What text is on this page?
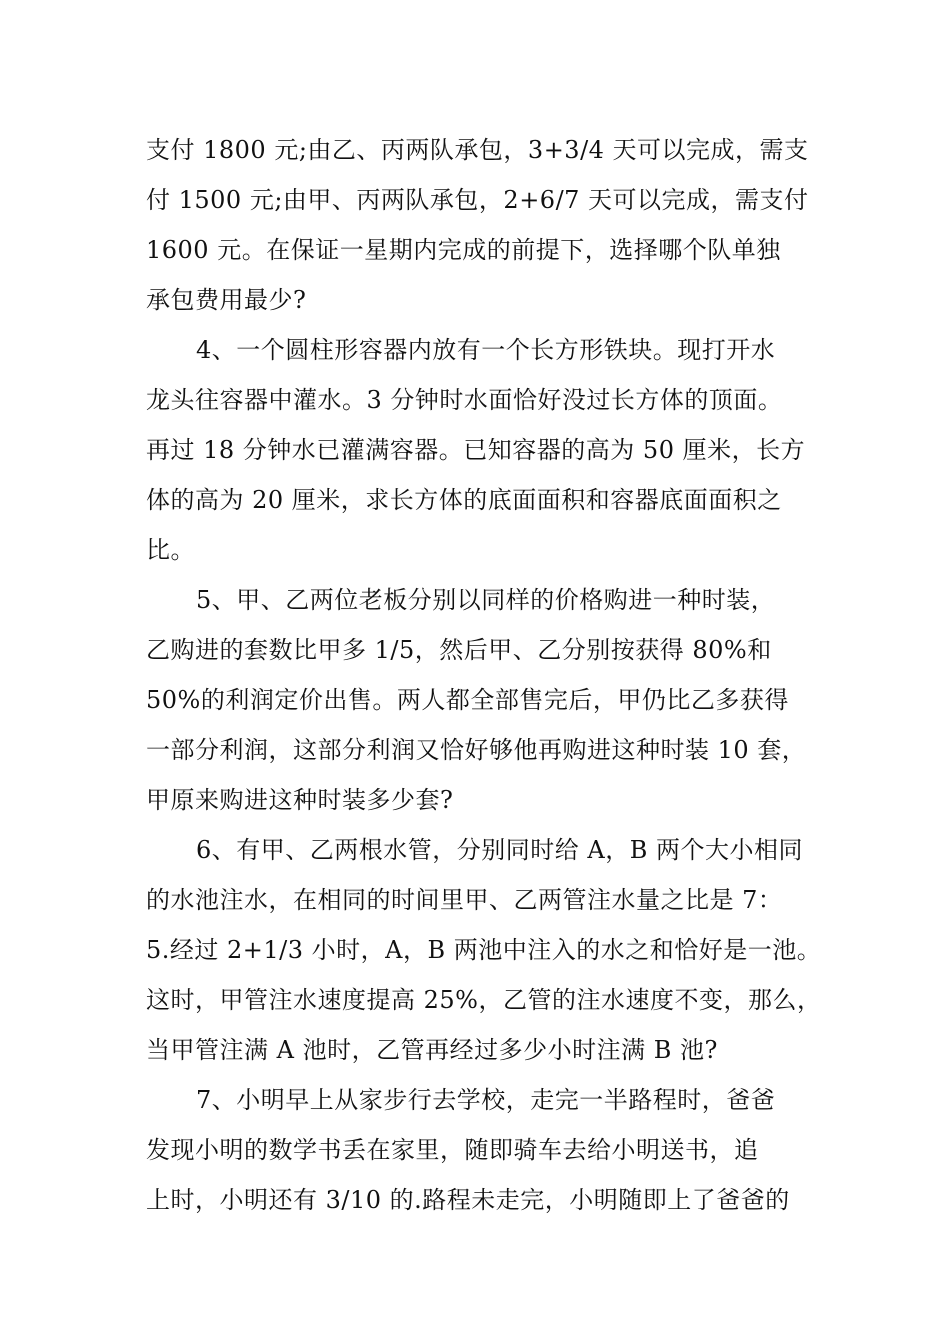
支付 1800 元;由乙、丙两队承包，3+3/4 天可以完成，需支
付 1500 元;由甲、丙两队承包，2+6/7 天可以完成，需支付
1600 元。在保证一星期内完成的前提下，选择哪个队单独
承包费用最少?
4、一个圆柱形容器内放有一个长方形铁块。现打开水
龙头往容器中灌水。3 分钟时水面恰好没过长方体的顶面。
再过 18 分钟水已灌满容器。已知容器的高为 50 厘米，长方
体的高为 20 厘米，求长方体的底面面积和容器底面面积之
比。
5、甲、乙两位老板分别以同样的价格购进一种时装，
乙购进的套数比甲多 1/5，然后甲、乙分别按获得 80%和
50%的利润定价出售。两人都全部售完后，甲仍比乙多获得
一部分利润，这部分利润又恰好够他再购进这种时装 10 套，
甲原来购进这种时装多少套?
6、有甲、乙两根水管，分别同时给 A，B 两个大小相同
的水池注水，在相同的时间里甲、乙两管注水量之比是 7：
5.经过 2+1/3 小时，A，B 两池中注入的水之和恰好是一池。
这时，甲管注水速度提高 25%，乙管的注水速度不变，那么，
当甲管注满 A 池时，乙管再经过多少小时注满 B 池?
7、小明早上从家步行去学校，走完一半路程时，爸爸
发现小明的数学书丢在家里，随即骑车去给小明送书，追
上时，小明还有 3/10 的.路程未走完，小明随即上了爸爸的
